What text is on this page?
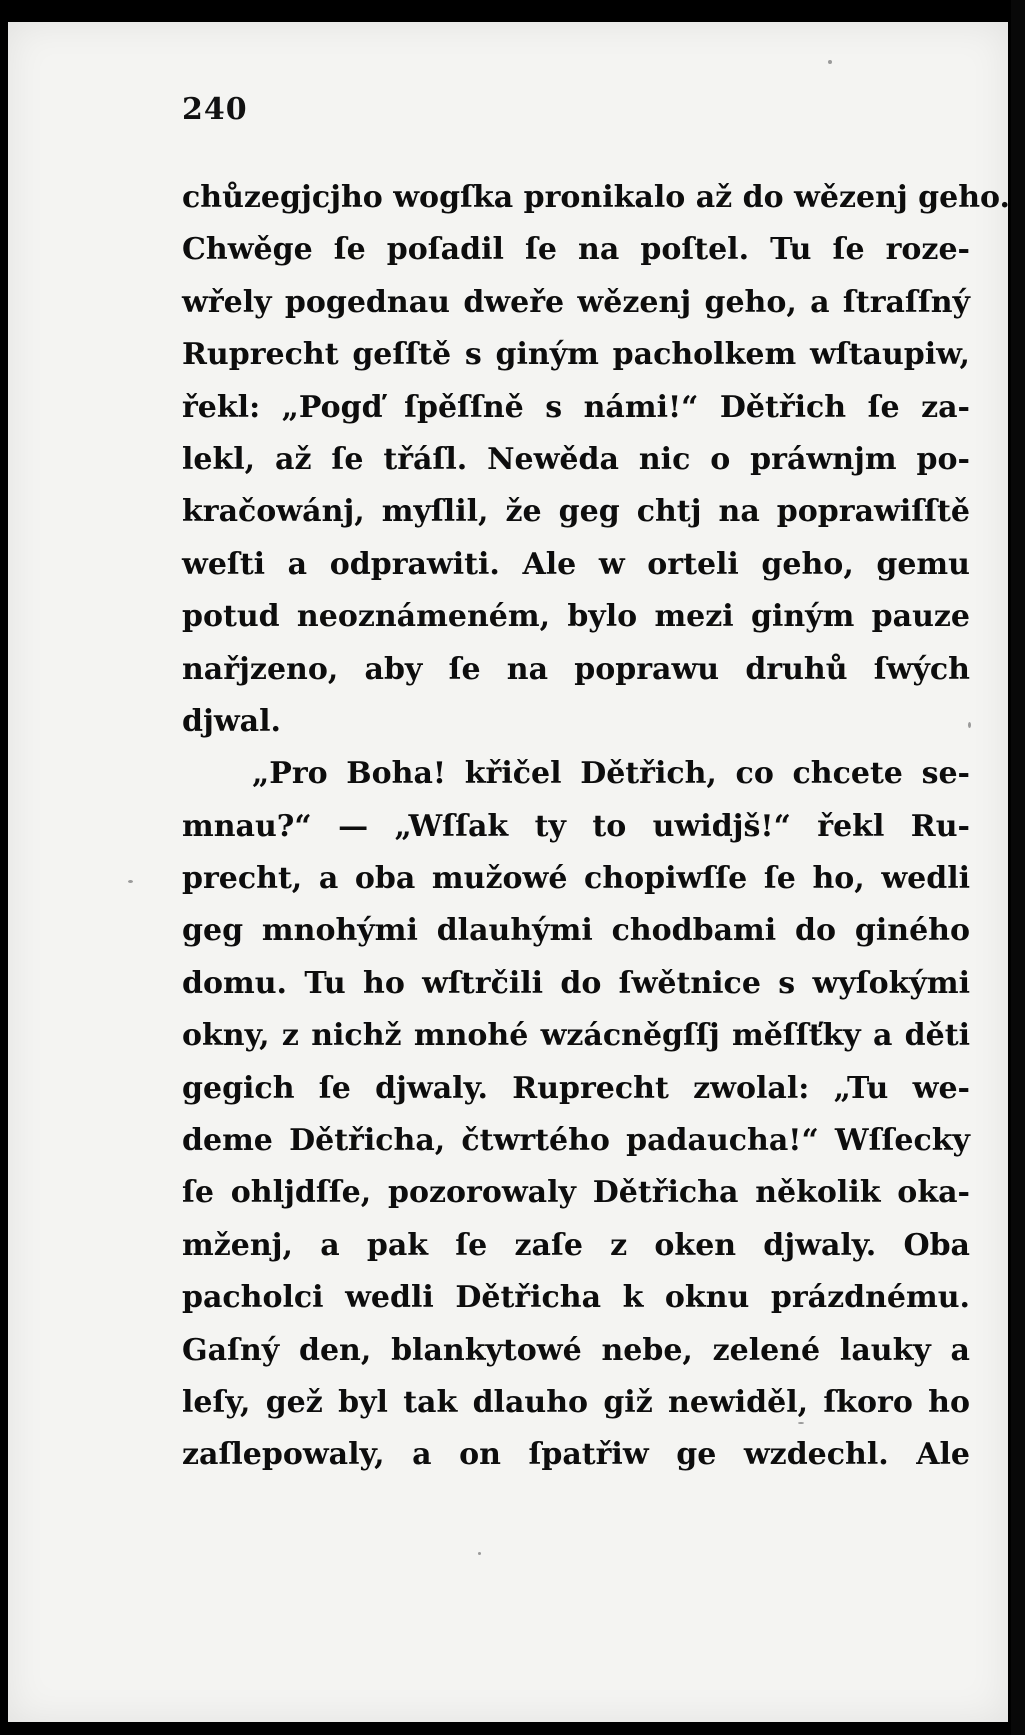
240
chůzegjcjho wogſka pronikalo až do wězenj geho.
Chwěge ſe poſadil ſe na poſtel. Tu ſe roze-
wřely pogednau dweře wězenj geho, a ſtraſſný
Ruprecht geſſtě s giným pacholkem wſtaupiw,
řekl: „Pogď ſpěſſně s námi!“ Dětřich ſe za-
lekl, až ſe třáſl. Newěda nic o práwnjm po-
kračowánj, myſlil, že geg chtj na poprawiſſtě
weſti a odprawiti. Ale w orteli geho, gemu
potud neoznámeném, bylo mezi giným pauze
nařjzeno, aby ſe na poprawu druhů ſwých
djwal.
„Pro Boha! křičel Dětřich, co chcete se-
mnau?“ — „Wſſak ty to uwidjš!“ řekl Ru-
precht, a oba mužowé chopiwſſe ſe ho, wedli
geg mnohými dlauhými chodbami do giného
domu. Tu ho wſtrčili do ſwětnice s wyſokými
okny, z nichž mnohé wzácněgſſj měſſťky a děti
gegich ſe djwaly. Ruprecht zwolal: „Tu we-
deme Dětřicha, čtwrtého padaucha!“ Wſſecky
ſe ohljdſſe, pozorowaly Dětřicha několik oka-
mženj, a pak ſe zaſe z oken djwaly. Oba
pacholci wedli Dětřicha k oknu prázdnému.
Gaſný den, blankytowé nebe, zelené lauky a
leſy, gež byl tak dlauho giž newiděl, ſkoro ho
zaſlepowaly, a on ſpatřiw ge wzdechl. Ale
